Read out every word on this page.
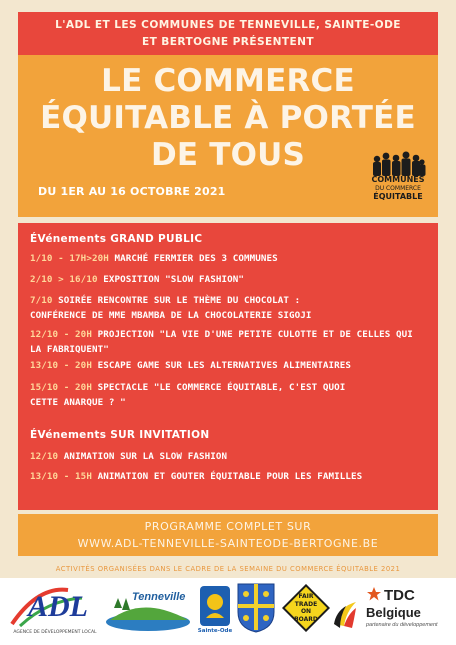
L'ADL ET LES COMMUNES DE TENNEVILLE, SAINTE-ODE
ET BERTOGNE PRÉSENTENT
LE COMMERCE
ÉQUITABLE À PORTÉE
DE TOUS
DU 1ER AU 16 OCTOBRE 2021
COMMUNES
DU COMMERCE
ÉQUITABLE
ÉVénements GRAND PUBLIC
1/10 - 17H>20H MARCHÉ FERMIER DES 3 COMMUNES
2/10 > 16/10 EXPOSITION "SLOW FASHION"
7/10 SOIRÉE RENCONTRE SUR LE THÈME DU CHOCOLAT :
CONFÉRENCE DE MME MBAMBA DE LA CHOCOLATERIE SIGOJI
12/10 - 20H PROJECTION "LA VIE D'UNE PETITE CULOTTE ET DE CELLES QUI
LA FABRIQUENT"
13/10 - 20H ESCAPE GAME SUR LES ALTERNATIVES ALIMENTAIRES
15/10 - 20H SPECTACLE "LE COMMERCE ÉQUITABLE, C'EST QUOI
CETTE ANARQUE ? "
ÉVénements SUR INVITATION
12/10 ANIMATION SUR LA SLOW FASHION
13/10 - 15H ANIMATION ET GOUTER ÉQUITABLE POUR LES FAMILLES
PROGRAMME COMPLET SUR
WWW.ADL-TENNEVILLE-SAINTEODE-BERTOGNE.BE
ACTIVITÉS ORGANISÉES DANS LE CADRE DE LA SEMAINE DU COMMERCE ÉQUITABLE 2021
ADL
AGENCE DE DÉVELOPPEMENT LOCAL
Tenneville
Sainte-Ode
FAIR
TRADE
ON
BOARD
TDC
Belgique
partenaire du développement
